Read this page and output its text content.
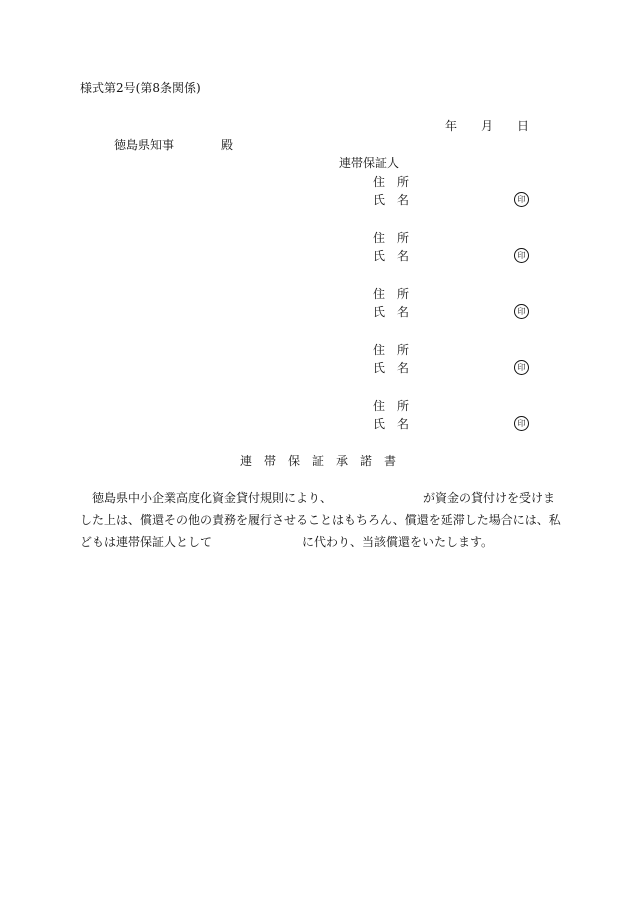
様式第2号(第8条関係)
年 月 日
徳島県知事	殿
連帯保証人
住　所
氏　名	印
住　所
氏　名	印
住　所
氏　名	印
住　所
氏　名	印
住　所
氏　名	印
連 帯 保 証 承 諾 書
徳島県中小企業高度化資金貸付規則により、	が資金の貸付けを受けま
した上は、償還その他の責務を履行させることはもちろん、償還を延滞した場合には、私
どもは連帯保証人として	に代わり、当該償還をいたします。
